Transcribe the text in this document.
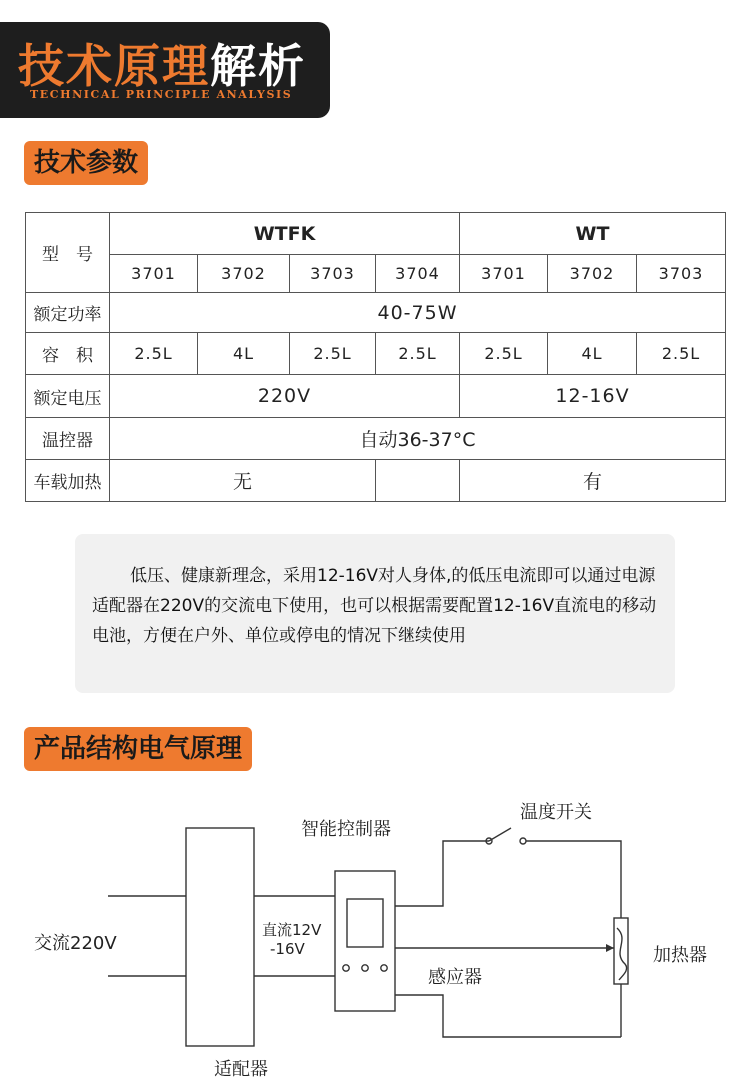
技术原理解析
TECHNICAL PRINCIPLE ANALYSIS
技术参数
型　号	WTFK				WT		
	3701	3702	3703	3704	3701	3702	3703
额定功率	40-75W						
容　积	2.5L	4L	2.5L	2.5L	2.5L	4L	2.5L
额定电压	220V				12-16V		
温控器	自动36-37°C						
车载加热	无				有		

低压、健康新理念，采用12-16V对人身体,的低压电流即可以通过电源适配器在220V的交流电下使用，也可以根据需要配置12-16V直流电的移动电池，方便在户外、单位或停电的情况下继续使用

产品结构电气原理
交流220V
适配器
直流12V
-16V
智能控制器
温度开关
感应器
加热器
